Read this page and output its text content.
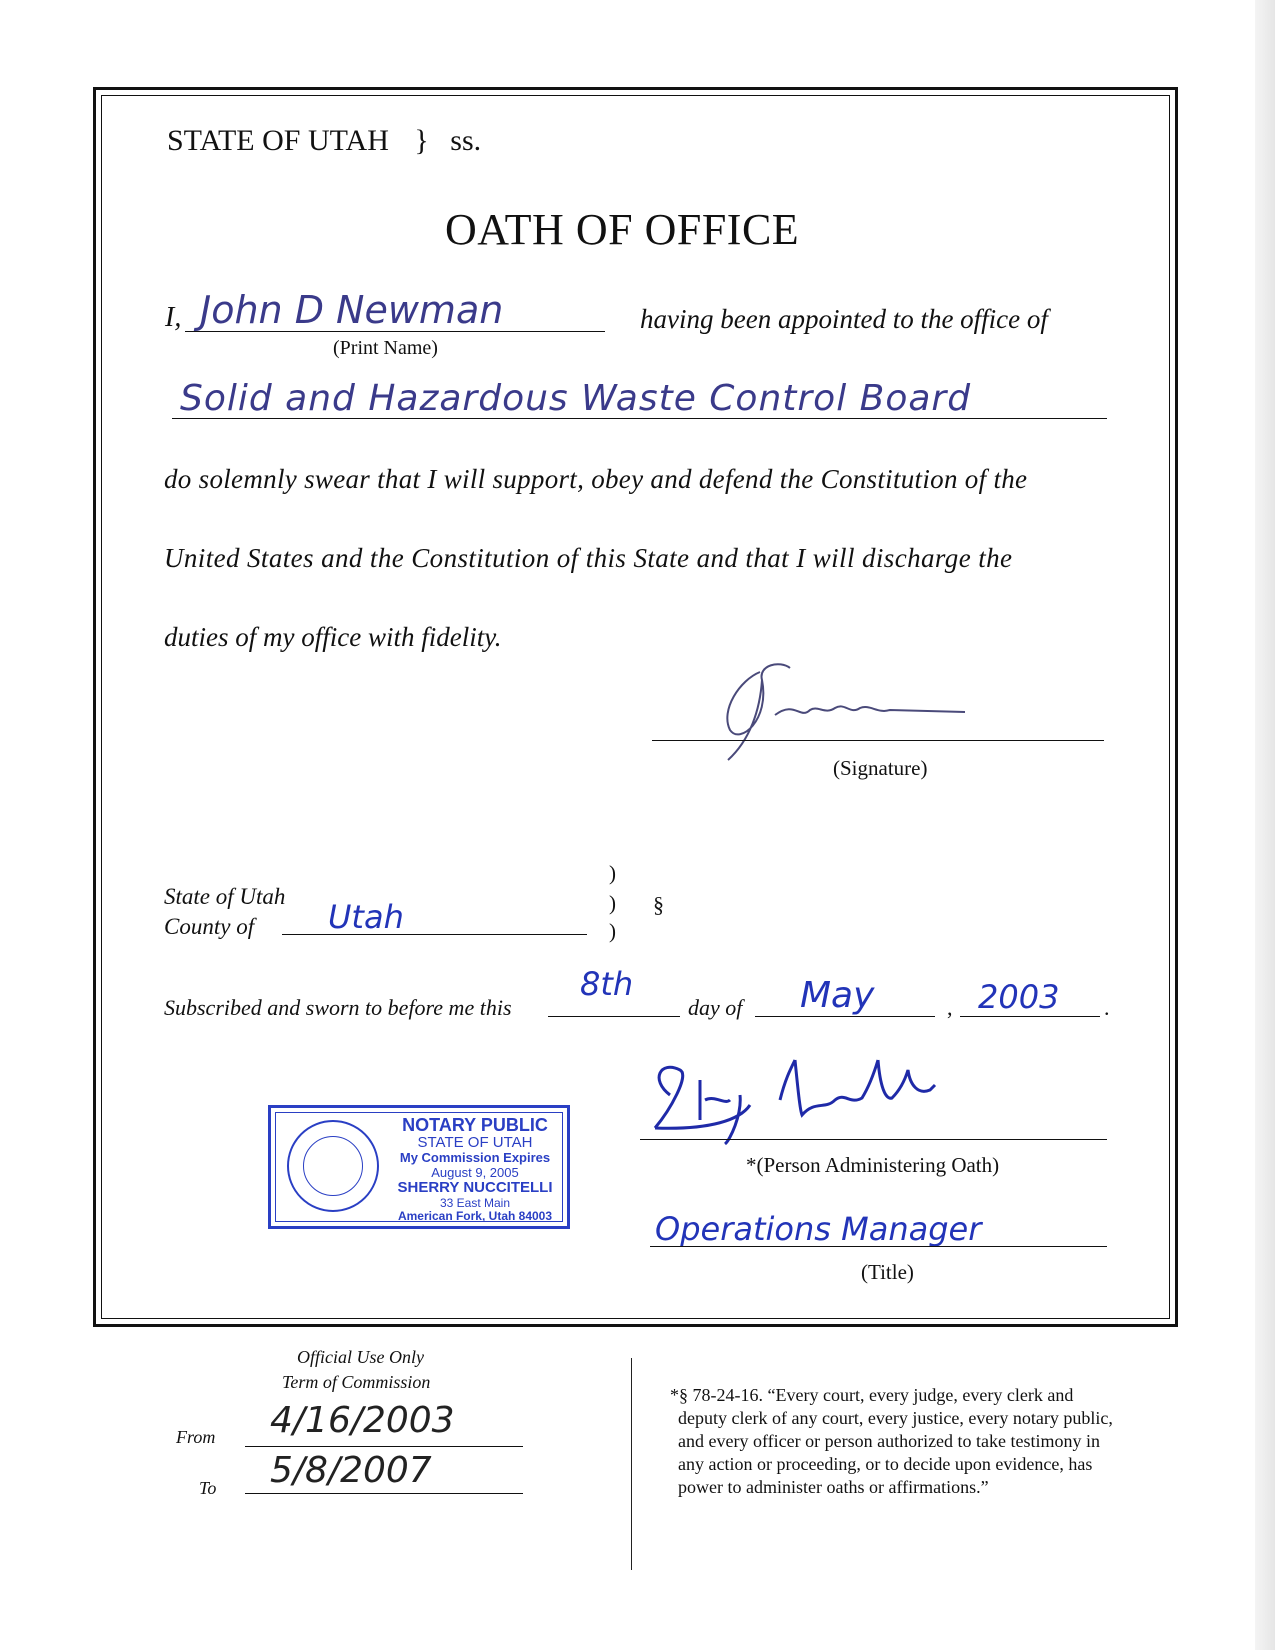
STATE OF UTAH } ss.
OATH OF OFFICE
I, John D Newman
(Print Name)
having been appointed to the office of
Solid and Hazardous Waste Control Board
do solemnly swear that I will support, obey and defend the Constitution of the
United States and the Constitution of this State and that I will discharge the
duties of my office with fidelity.
(Signature)
State of Utah
County of Utah
)
)
)
§
Subscribed and sworn to before me this
8th
day of May	, 2003 .
NOTARY PUBLIC
STATE OF UTAH
My Commission Expires
August 9, 2005
SHERRY NUCCITELLI
33 East Main
American Fork, Utah 84003
*(Person Administering Oath)
Operations Manager
(Title)
Official Use Only
Term of Commission
From 4/16/2003
To 5/8/2007
*§ 78-24-16. “Every court, every judge, every clerk and
deputy clerk of any court, every justice, every notary public,
and every officer or person authorized to take testimony in
any action or proceeding, or to decide upon evidence, has
power to administer oaths or affirmations.”
